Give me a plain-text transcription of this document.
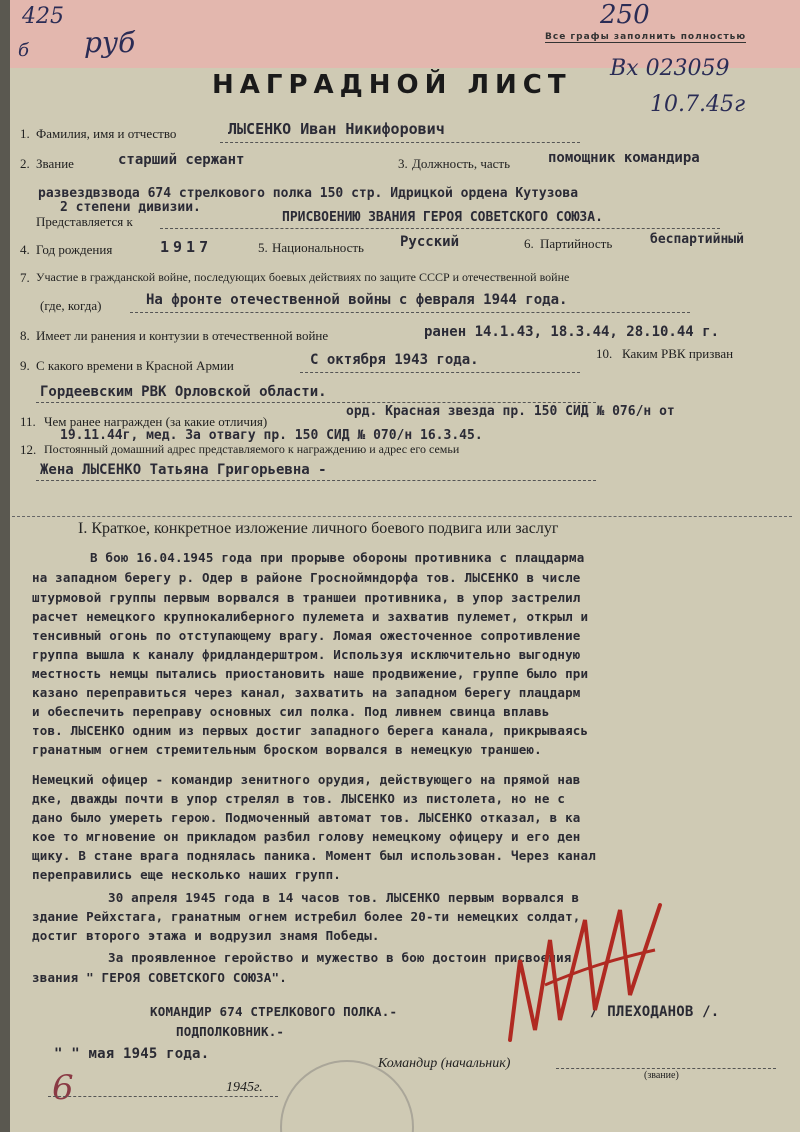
425
б руб
250
Все графы заполнить полностью
Вх 023059
10.7.45г
НАГРАДНОЙ ЛИСТ
1. Фамилия, имя и отчество	ЛЫСЕНКО Иван Никифорович
2. Звание	старший сержант	3. Должность, часть	помощник командира
развездвзвода 674 стрелкового полка 150 стр. Идрицкой ордена Кутузова
Представляется к
2 степени дивизии.
ПРИСВОЕНИЮ ЗВАНИЯ ГЕРОЯ СОВЕТСКОГО СОЮЗА.
4. Год рождения	1917	5. Национальность	Русский	6. Партийность	беспартийный
7. Участие в гражданской войне, последующих боевых действиях по защите СССР и отечественной войне
(где, когда)	На фронте отечественной войны с февраля 1944 года.
8. Имеет ли ранения и контузии в отечественной войне	ранен 14.1.43, 18.3.44, 28.10.44 г.
9. С какого времени в Красной Армии	С октября 1943 года.	10. Каким РВК призван
Гордеевским РВК Орловской области.
11. Чем ранее награжден (за какие отличия)
орд. Красная звезда пр. 150 СИД № 076/н от
19.11.44г, мед. За отвагу пр. 150 СИД № 070/н 16.3.45.
12. Постоянный домашний адрес представляемого к награждению и адрес его семьи
Жена ЛЫСЕНКО Татьяна Григорьевна -
I. Краткое, конкретное изложение личного боевого подвига или заслуг
В бою 16.04.1945 года при прорыве обороны противника с плацдарма
на западном берегу р. Одер в районе Гросноймндорфа тов. ЛЫСЕНКО в числе
штурмовой группы первым ворвался в траншеи противника, в упор застрелил
расчет немецкого крупнокалиберного пулемета и захватив пулемет, открыл и
тенсивный огонь по отступающему врагу. Ломая ожесточенное сопротивление
группа вышла к каналу фридландерштром. Используя исключительно выгодную
местность немцы пытались приостановить наше продвижение, группе было при
казано переправиться через канал, захватить на западном берегу плацдарм
и обеспечить переправу основных сил полка. Под ливнем свинца вплавь
тов. ЛЫСЕНКО одним из первых достиг западного берега канала, прикрываясь
гранатным огнем стремительным броском ворвался в немецкую траншею.
Немецкий офицер - командир зенитного орудия, действующего на прямой нав
дке, дважды почти в упор стрелял в тов. ЛЫСЕНКО из пистолета, но не с
дано было умереть герою. Подмоченный автомат тов. ЛЫСЕНКО отказал, в ка
кое то мгновение он прикладом разбил голову немецкому офицеру и его ден
щику. В стане врага поднялась паника. Момент был использован. Через канал
переправились еще несколько наших групп.
30 апреля 1945 года в 14 часов тов. ЛЫСЕНКО первым ворвался в
здание Рейхстага, гранатным огнем истребил более 20-ти немецких солдат,
достиг второго этажа и водрузил знамя Победы.
За проявленное геройство и мужество в бою достоин присвоения
звания " ГЕРОЯ СОВЕТСКОГО СОЮЗА".
КОМАНДИР 674 СТРЕЛКОВОГО ПОЛКА.-
ПОДПОЛКОВНИК.-
/ ПЛЕХОДАНОВ /.
" " мая 1945 года.
Командир (начальник)
(звание)
6	1945г.
